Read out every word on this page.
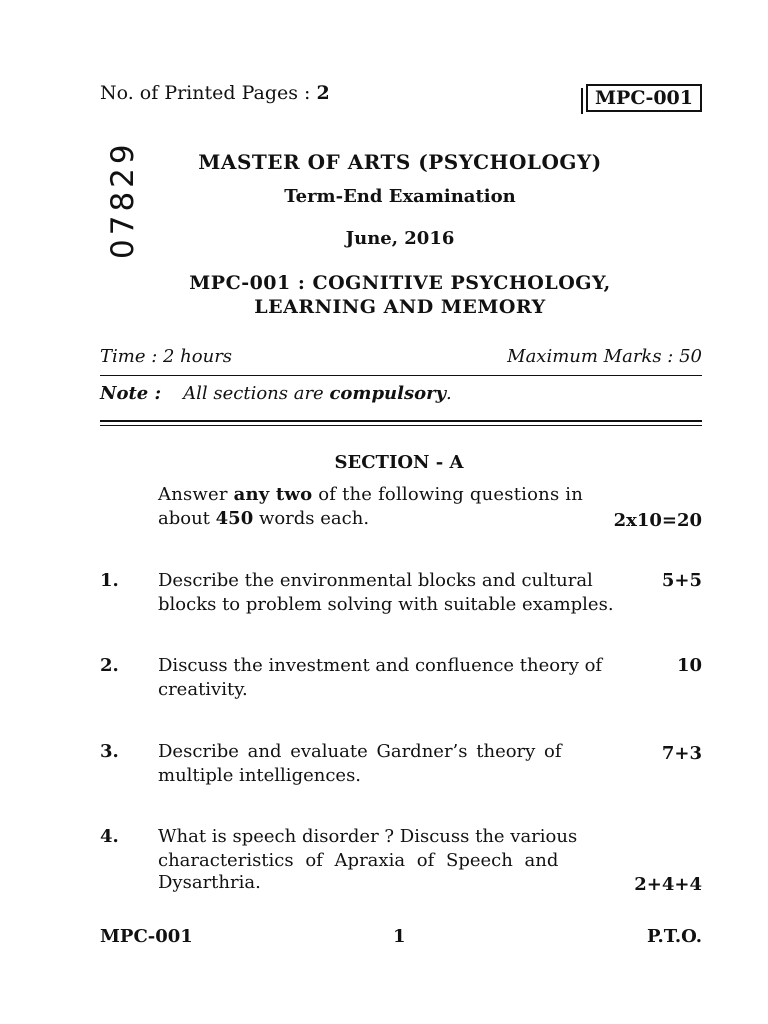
No. of Printed Pages : 2	MPC-001
07829	MASTER OF ARTS (PSYCHOLOGY)
Term-End Examination
June, 2016
MPC-001 : COGNITIVE PSYCHOLOGY,
LEARNING AND MEMORY
Time : 2 hours	Maximum Marks : 50
Note : All sections are compulsory.
SECTION - A
Answer any two of the following questions in
about 450 words each.	2x10=20
1. Describe the environmental blocks and cultural
blocks to problem solving with suitable examples.
5+5
2. Discuss the investment and confluence theory of
creativity.
10
3. Describe and evaluate Gardner’s theory of
multiple intelligences.
7+3
4. What is speech disorder ? Discuss the various
characteristics of Apraxia of Speech and
Dysarthria.	2+4+4
MPC-001	1	P.T.O.
